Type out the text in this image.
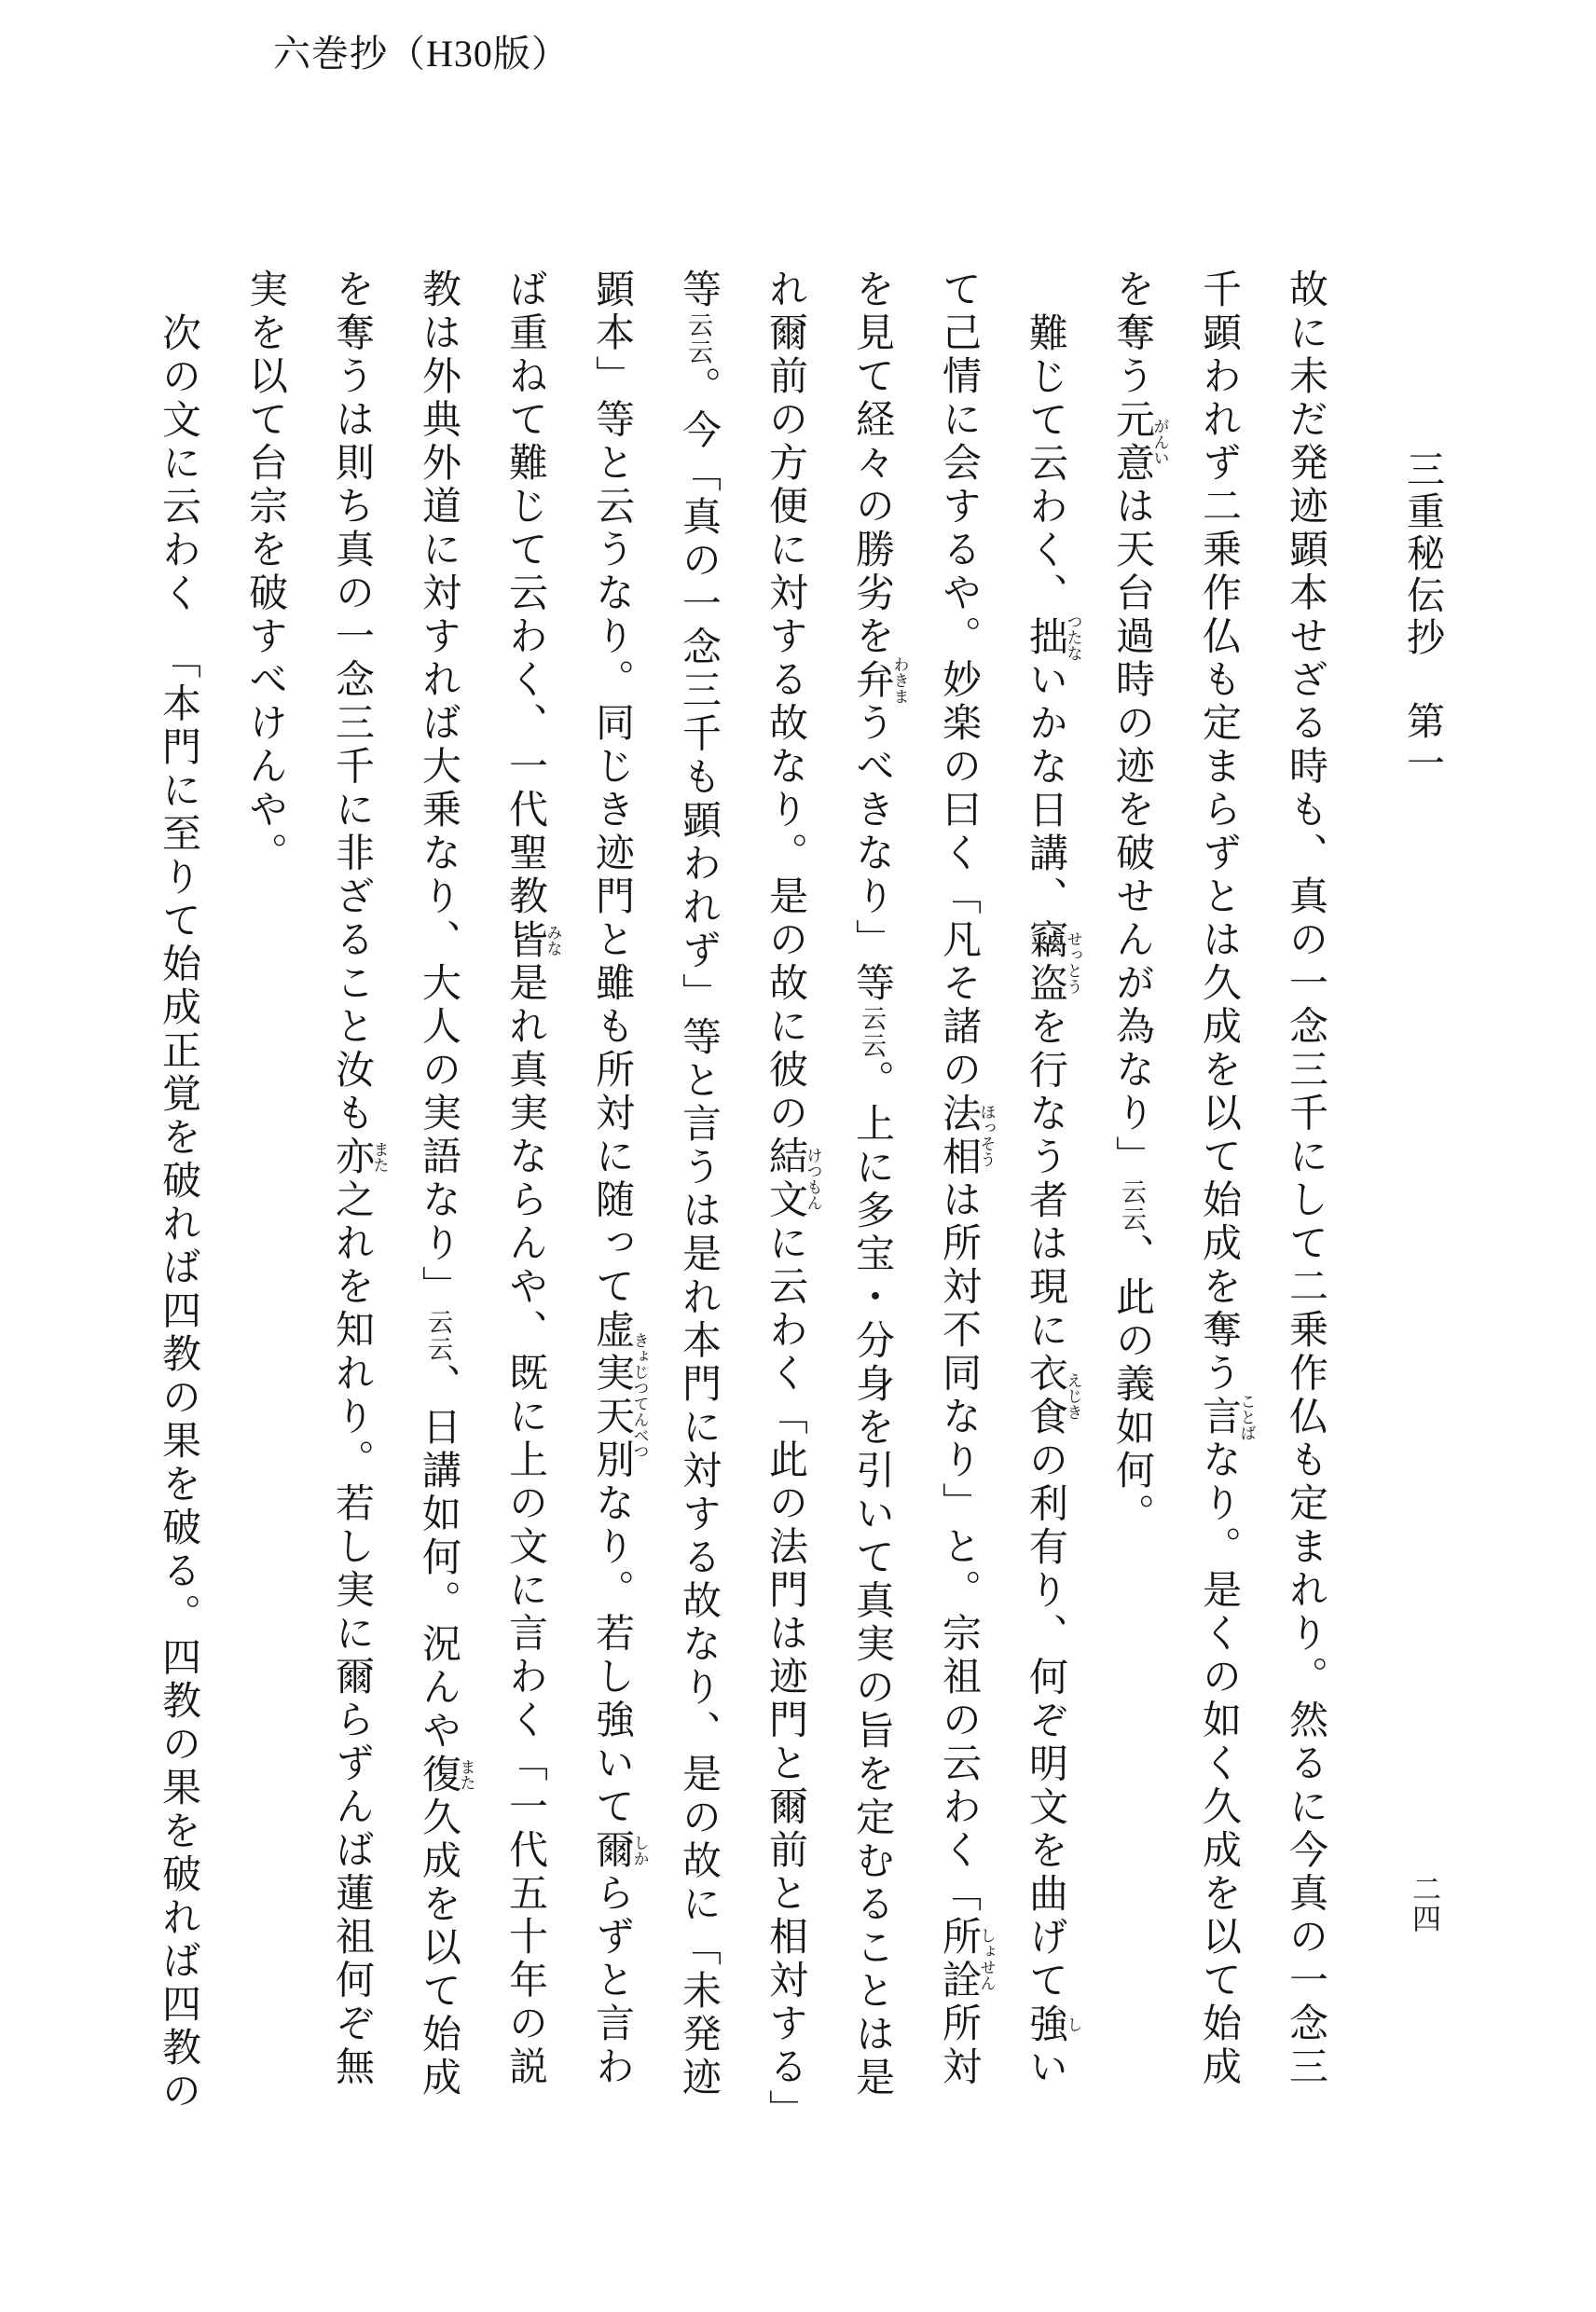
六巻抄（H30版）
三重秘伝抄　第一

故に未だ発迹顕本せざる時も、真の一念三千にして二乗作仏も定まれり。然るに今真の一念三

千顕われず二乗作仏も定まらずとは久成を以て始成を奪う言ことばなり。是くの如く久成を以て始成

を奪う元意がんいは天台過時の迹を破せんが為なり」云云、此の義如何。

難じて云わく、拙つたないかな日講、竊盗せっとうを行なう者は現に衣食えじきの利有り、何ぞ明文を曲げて強しい

て己情に会するや。妙楽の曰く「凡そ諸の法相ほっそうは所対不同なり」と。宗祖の云わく「所詮しょせん所対

を見て経々の勝劣を弁わきまうべきなり」等云云。上に多宝・分身を引いて真実の旨を定むることは是

れ爾前の方便に対する故なり。是の故に彼の結文けつもんに云わく「此の法門は迹門と爾前と相対する」

等云云。今「真の一念三千も顕われず」等と言うは是れ本門に対する故なり、是の故に「未発迹

顕本」等と云うなり。同じき迹門と雖も所対に随って虚実天別きょじつてんべつなり。若し強いて爾しからずと言わ

ば重ねて難じて云わく、一代聖教皆みな是れ真実ならんや、既に上の文に言わく「一代五十年の説

教は外典外道に対すれば大乗なり、大人の実語なり」云云、日講如何。況んや復また久成を以て始成

を奪うは則ち真の一念三千に非ざること汝も亦また之れを知れり。若し実に爾らずんば蓮祖何ぞ無

実を以て台宗を破すべけんや。

次の文に云わく　「本門に至りて始成正覚を破れば四教の果を破る。四教の果を破れば四教の	二四
